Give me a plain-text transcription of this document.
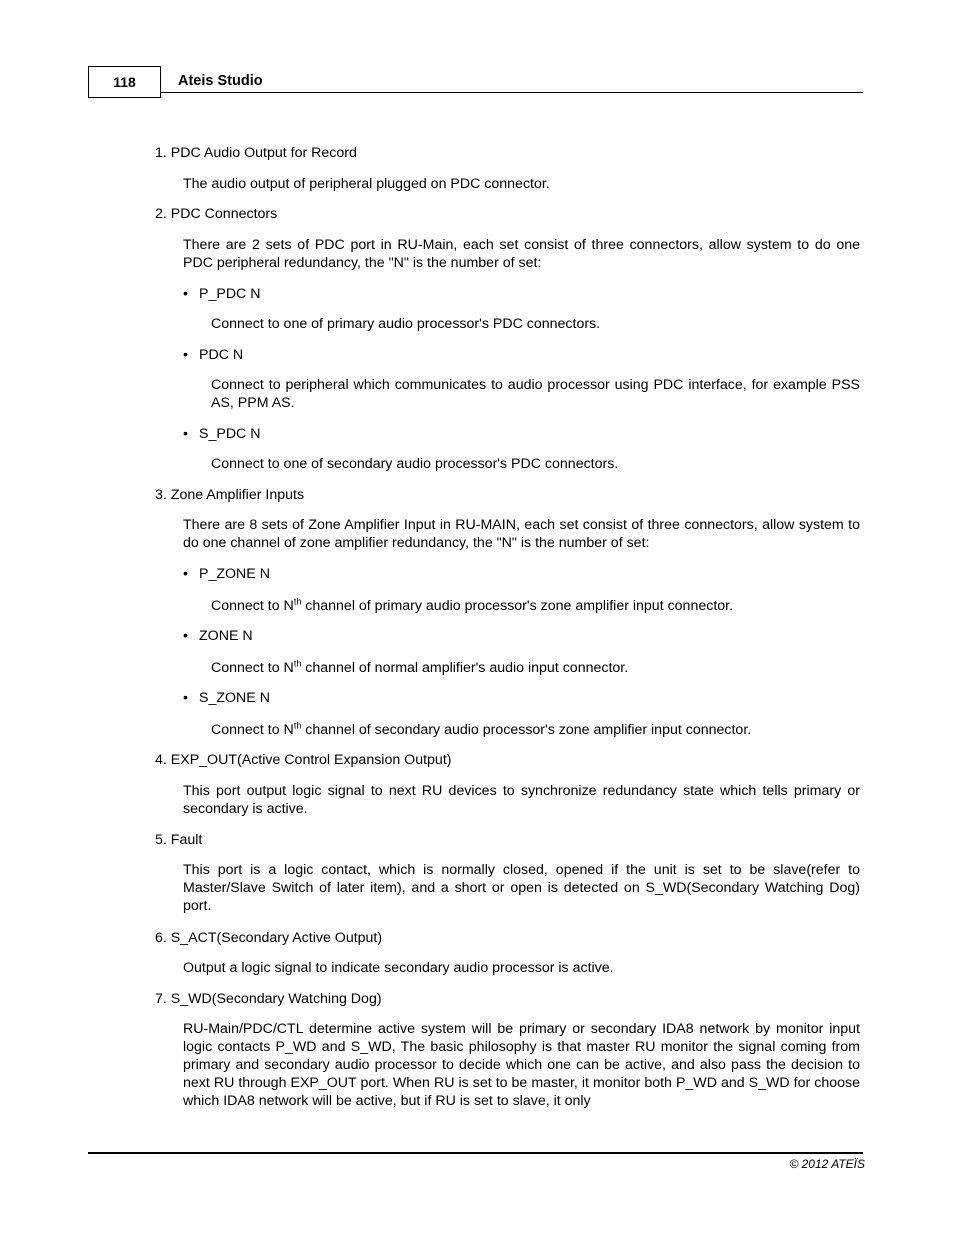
118	Ateis Studio
1. PDC Audio Output for Record
The audio output of peripheral plugged on PDC connector.
2. PDC Connectors
There are 2 sets of PDC port in RU-Main, each set consist of three connectors, allow system to do one PDC peripheral redundancy, the "N" is the number of set:
• P_PDC N
Connect to one of primary audio processor's PDC connectors.
• PDC N
Connect to peripheral which communicates to audio processor using PDC interface, for example PSS AS, PPM AS.
• S_PDC N
Connect to one of secondary audio processor's PDC connectors.
3. Zone Amplifier Inputs
There are 8 sets of Zone Amplifier Input in RU-MAIN, each set consist of three connectors, allow system to do one channel of zone amplifier redundancy, the "N" is the number of set:
• P_ZONE N
Connect to $N^{th}$ channel of primary audio processor's zone amplifier input connector.
• ZONE N
Connect to $N^{th}$ channel of normal amplifier's audio input connector.
• S_ZONE N
Connect to $N^{th}$ channel of secondary audio processor's zone amplifier input connector.
4. EXP_OUT(Active Control Expansion Output)
This port output logic signal to next RU devices to synchronize redundancy state which tells primary or secondary is active.
5. Fault
This port is a logic contact, which is normally closed, opened if the unit is set to be slave(refer to Master/Slave Switch of later item), and a short or open is detected on S_WD(Secondary Watching Dog) port.
6. S_ACT(Secondary Active Output)
Output a logic signal to indicate secondary audio processor is active.
7. S_WD(Secondary Watching Dog)
RU-Main/PDC/CTL determine active system will be primary or secondary IDA8 network by monitor input logic contacts P_WD and S_WD, The basic philosophy is that master RU monitor the signal coming from primary and secondary audio processor to decide which one can be active, and also pass the decision to next RU through EXP_OUT port. When RU is set to be master, it monitor both P_WD and S_WD for choose which IDA8 network will be active, but if RU is set to slave, it only
© 2012 ATEÏS
